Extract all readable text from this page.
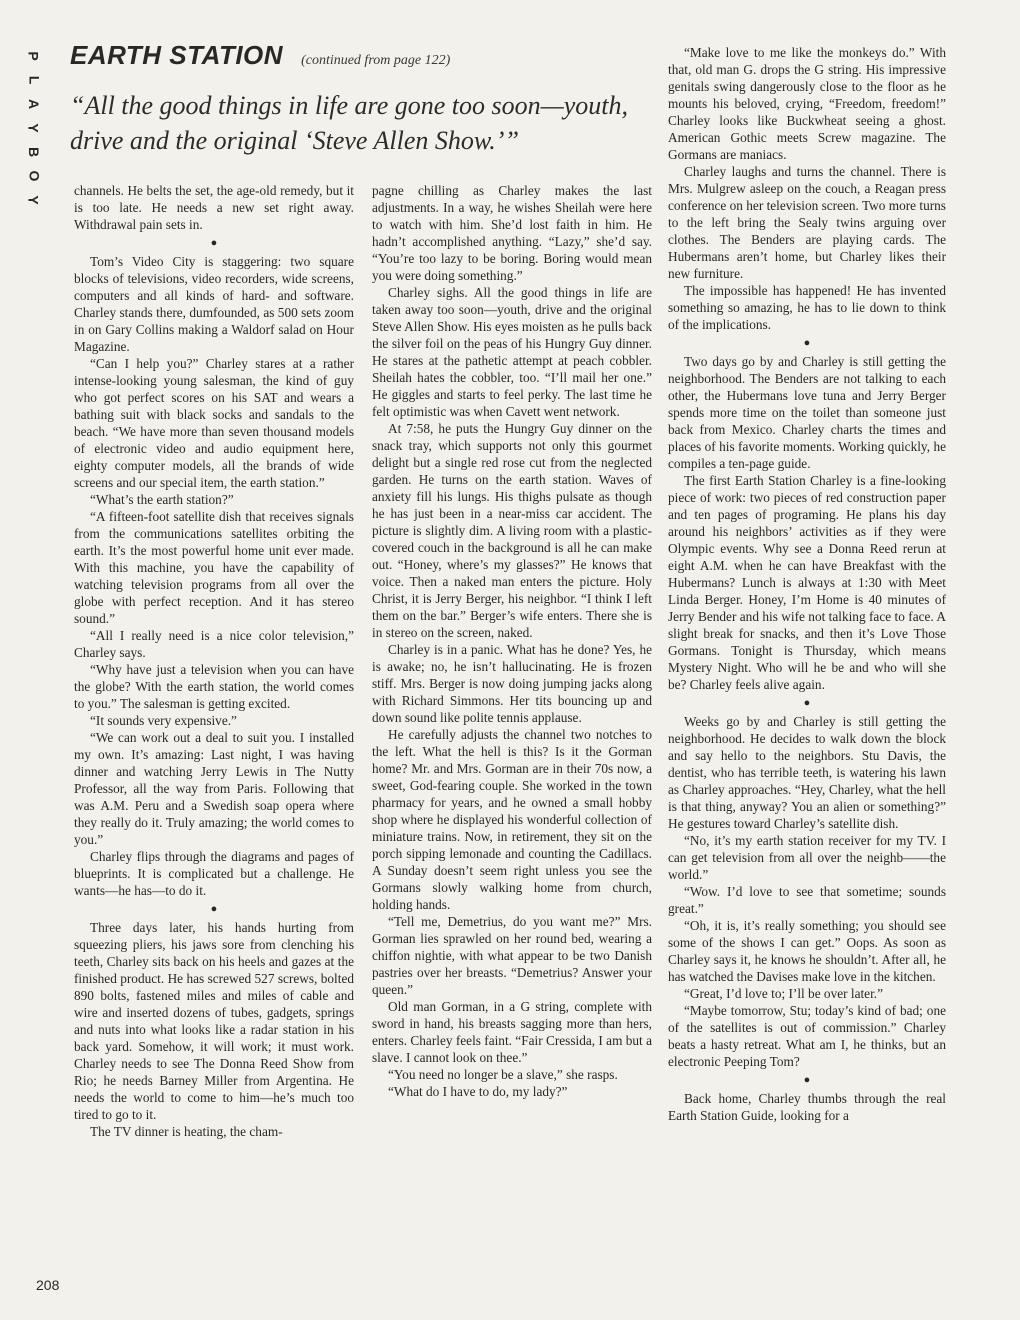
P
L
A
Y
B
O
Y
EARTH STATION (continued from page 122)
“All the good things in life are gone too soon—youth, drive and the original ‘Steve Allen Show.’”

channels. He belts the set, the age-old remedy, but it is too late. He needs a new set right away. Withdrawal pain sets in.

●

Tom’s Video City is staggering: two square blocks of televisions, video recorders, wide screens, computers and all kinds of hard- and software. Charley stands there, dumfounded, as 500 sets zoom in on Gary Collins making a Waldorf salad on Hour Magazine.

“Can I help you?” Charley stares at a rather intense-looking young salesman, the kind of guy who got perfect scores on his SAT and wears a bathing suit with black socks and sandals to the beach. “We have more than seven thousand models of electronic video and audio equipment here, eighty computer models, all the brands of wide screens and our special item, the earth station.”

“What’s the earth station?”

“A fifteen-foot satellite dish that receives signals from the communications satellites orbiting the earth. It’s the most powerful home unit ever made. With this machine, you have the capability of watching television programs from all over the globe with perfect reception. And it has stereo sound.”

“All I really need is a nice color television,” Charley says.

“Why have just a television when you can have the globe? With the earth station, the world comes to you.” The salesman is getting excited.

“It sounds very expensive.”

“We can work out a deal to suit you. I installed my own. It’s amazing: Last night, I was having dinner and watching Jerry Lewis in The Nutty Professor, all the way from Paris. Following that was A.M. Peru and a Swedish soap opera where they really do it. Truly amazing; the world comes to you.”

Charley flips through the diagrams and pages of blueprints. It is complicated but a challenge. He wants—he has—to do it.

●

Three days later, his hands hurting from squeezing pliers, his jaws sore from clenching his teeth, Charley sits back on his heels and gazes at the finished product. He has screwed 527 screws, bolted 890 bolts, fastened miles and miles of cable and wire and inserted dozens of tubes, gadgets, springs and nuts into what looks like a radar station in his back yard. Somehow, it will work; it must work. Charley needs to see The Donna Reed Show from Rio; he needs Barney Miller from Argentina. He needs the world to come to him—he’s much too tired to go to it.

The TV dinner is heating, the cham-

pagne chilling as Charley makes the last adjustments. In a way, he wishes Sheilah were here to watch with him. She’d lost faith in him. He hadn’t accomplished anything. “Lazy,” she’d say. “You’re too lazy to be boring. Boring would mean you were doing something.”

Charley sighs. All the good things in life are taken away too soon—youth, drive and the original Steve Allen Show. His eyes moisten as he pulls back the silver foil on the peas of his Hungry Guy dinner. He stares at the pathetic attempt at peach cobbler. Sheilah hates the cobbler, too. “I’ll mail her one.” He giggles and starts to feel perky. The last time he felt optimistic was when Cavett went network.

At 7:58, he puts the Hungry Guy dinner on the snack tray, which supports not only this gourmet delight but a single red rose cut from the neglected garden. He turns on the earth station. Waves of anxiety fill his lungs. His thighs pulsate as though he has just been in a near-miss car accident. The picture is slightly dim. A living room with a plastic-covered couch in the background is all he can make out. “Honey, where’s my glasses?” He knows that voice. Then a naked man enters the picture. Holy Christ, it is Jerry Berger, his neighbor. “I think I left them on the bar.” Berger’s wife enters. There she is in stereo on the screen, naked.

Charley is in a panic. What has he done? Yes, he is awake; no, he isn’t hallucinating. He is frozen stiff. Mrs. Berger is now doing jumping jacks along with Richard Simmons. Her tits bouncing up and down sound like polite tennis applause.

He carefully adjusts the channel two notches to the left. What the hell is this? Is it the Gorman home? Mr. and Mrs. Gorman are in their 70s now, a sweet, God-fearing couple. She worked in the town pharmacy for years, and he owned a small hobby shop where he displayed his wonderful collection of miniature trains. Now, in retirement, they sit on the porch sipping lemonade and counting the Cadillacs. A Sunday doesn’t seem right unless you see the Gormans slowly walking home from church, holding hands.

“Tell me, Demetrius, do you want me?” Mrs. Gorman lies sprawled on her round bed, wearing a chiffon nightie, with what appear to be two Danish pastries over her breasts. “Demetrius? Answer your queen.”

Old man Gorman, in a G string, complete with sword in hand, his breasts sagging more than hers, enters. Charley feels faint. “Fair Cressida, I am but a slave. I cannot look on thee.”

“You need no longer be a slave,” she rasps.

“What do I have to do, my lady?”

“Make love to me like the monkeys do.” With that, old man G. drops the G string. His impressive genitals swing dangerously close to the floor as he mounts his beloved, crying, “Freedom, freedom!” Charley looks like Buckwheat seeing a ghost. American Gothic meets Screw magazine. The Gormans are maniacs.

Charley laughs and turns the channel. There is Mrs. Mulgrew asleep on the couch, a Reagan press conference on her television screen. Two more turns to the left bring the Sealy twins arguing over clothes. The Benders are playing cards. The Hubermans aren’t home, but Charley likes their new furniture.

The impossible has happened! He has invented something so amazing, he has to lie down to think of the implications.

●

Two days go by and Charley is still getting the neighborhood. The Benders are not talking to each other, the Hubermans love tuna and Jerry Berger spends more time on the toilet than someone just back from Mexico. Charley charts the times and places of his favorite moments. Working quickly, he compiles a ten-page guide.

The first Earth Station Charley is a fine-looking piece of work: two pieces of red construction paper and ten pages of programing. He plans his day around his neighbors’ activities as if they were Olympic events. Why see a Donna Reed rerun at eight A.M. when he can have Breakfast with the Hubermans? Lunch is always at 1:30 with Meet Linda Berger. Honey, I’m Home is 40 minutes of Jerry Bender and his wife not talking face to face. A slight break for snacks, and then it’s Love Those Gormans. Tonight is Thursday, which means Mystery Night. Who will he be and who will she be? Charley feels alive again.

●

Weeks go by and Charley is still getting the neighborhood. He decides to walk down the block and say hello to the neighbors. Stu Davis, the dentist, who has terrible teeth, is watering his lawn as Charley approaches. “Hey, Charley, what the hell is that thing, anyway? You an alien or something?” He gestures toward Charley’s satellite dish.

“No, it’s my earth station receiver for my TV. I can get television from all over the neighb——the world.”

“Wow. I’d love to see that sometime; sounds great.”

“Oh, it is, it’s really something; you should see some of the shows I can get.” Oops. As soon as Charley says it, he knows he shouldn’t. After all, he has watched the Davises make love in the kitchen.

“Great, I’d love to; I’ll be over later.”

“Maybe tomorrow, Stu; today’s kind of bad; one of the satellites is out of commission.” Charley beats a hasty retreat. What am I, he thinks, but an electronic Peeping Tom?

●

Back home, Charley thumbs through the real Earth Station Guide, looking for a

208
